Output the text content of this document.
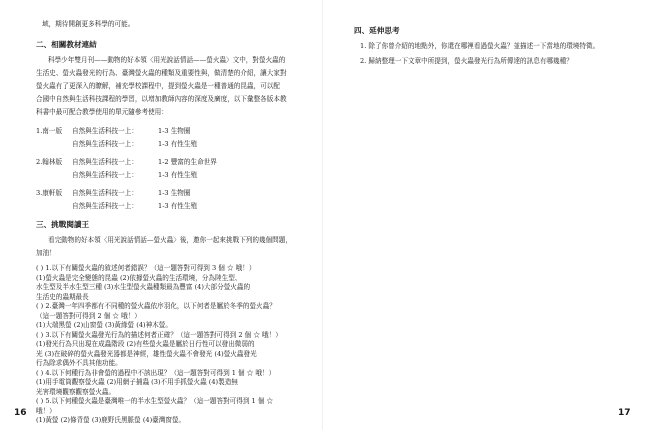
域，期待開創更多科學的可能。
二、相關教材連結
科學少年雙月刊——動物的好本領〈用光說話情話——螢火蟲〉文中，對螢火蟲的
生活史、螢火蟲發光的行為、臺灣螢火蟲的種類及重要性與，做清楚的介紹，讓大家對
螢火蟲有了更深入的瞭解，補充學校課程中，提到螢火蟲是一種普通的昆蟲，可以配
合國中自然與生活科技課程的學習，以增加教師內容的深度及廣度，以下彙整各版本教
科書中最可配合教學使用的單元隨參考使用：
1.南一版 自然與生活科技一上：	1-3 生物圈
自然與生活科技一上：	1-3 有性生殖
2.翰林版 自然與生活科技一上：	1-2 豐富的生命世界
自然與生活科技一上：	1-3 有性生殖
3.康軒版 自然與生活科技一上：	1-3 生物圈
自然與生活科技一上：	1-3 有性生殖
三、挑戰閱讀王
看完動物的好本領〈用光說話情話—螢火蟲〉後，邀你一起來挑戰下列的幾個問題，
加油！
( ) 1.以下有關螢火蟲的敘述何者錯誤？（這一題答對可得到 3 個 ☆ 哦！）
(1)螢火蟲是完全變態的昆蟲 (2)依據螢火蟲的生活環境，分為陸生型、
水生型及半水生型三種 (3)水生型螢火蟲種類最為豐富 (4)大部分螢火蟲的
生活史的蟲期最長
( ) 2.臺灣一年四季都有不同種的螢火蟲依序羽化，以下何者是屬於冬季的螢火蟲？
（這一題答對可得到 2 個 ☆ 哦！）
(1)大端黑螢 (2)山窗螢 (3)黃緣螢 (4)神木螢。
( ) 3.以下有關螢火蟲發光行為的描述何者正確？（這一題答對可得到 2 個 ☆ 哦！）
(1)發光行為只出現在成蟲階段 (2)有些螢火蟲是屬於日行性可以發出微弱的
光 (3)在破碎的螢火蟲發光器都是神經，雄性螢火蟲不會發光 (4)螢火蟲發光
行為除求偶外不具其他功能。
( ) 4.以下何種行為非會螢的過程中不該出現？（這一題答對可得到 1 個 ☆ 哦！）
(1)用手電筒觀察螢火蟲 (2)用網子捕蟲 (3)不用手抓螢火蟲 (4)製造無
光害環境觀察觀察螢火蟲。
( ) 5.以下何種螢火蟲是臺灣唯一的半水生型螢火蟲？（這一題答對可得到 1 個 ☆
哦！）
(1)黃螢 (2)條背螢 (3)鹿野氏黑脈螢 (4)臺灣窗螢。
16
四、延伸思考
1. 除了你曾介紹的地點外，你還在哪裡看過螢火蟲？並描述一下當地的環境特徵。
2. 歸納整理一下文章中所提到，螢火蟲發光行為所傳達的訊息有哪幾種？
17
